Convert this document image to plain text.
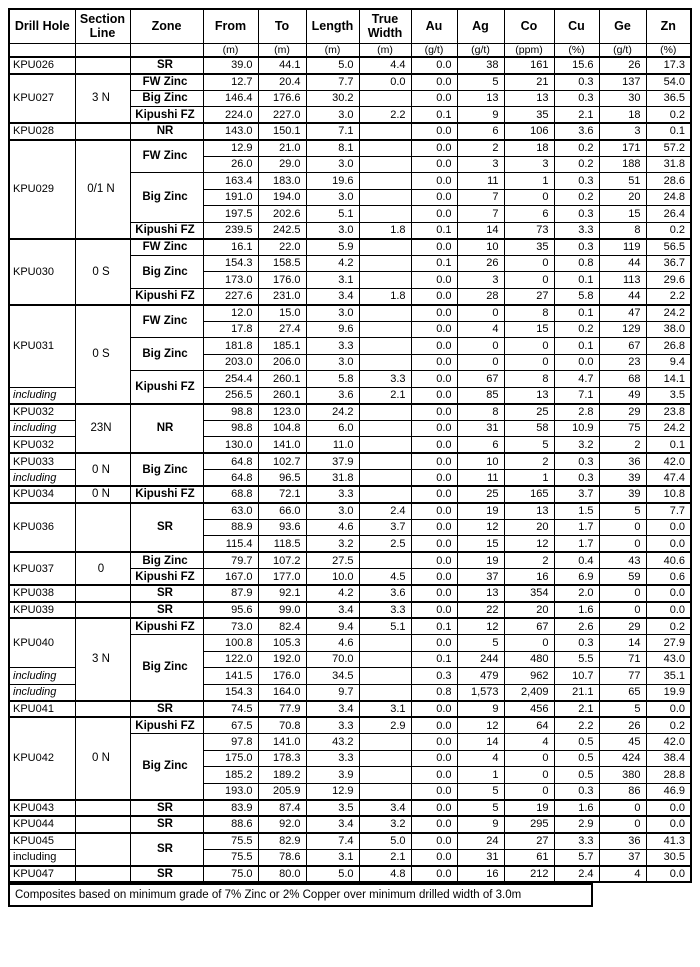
Drill Hole	Section Line	Zone	From	To	Length	True Width	Au	Ag	Co	Cu	Ge	Zn
			(m)	(m)	(m)	(m)	(g/t)	(g/t)	(ppm)	(%)	(g/t)	(%)
KPU026		SR	39.0	44.1	5.0	4.4	0.0	38	161	15.6	26	17.3
KPU027	3 N	FW Zinc	12.7	20.4	7.7	0.0	0.0	5	21	0.3	137	54.0
		Big Zinc	146.4	176.6	30.2		0.0	13	13	0.3	30	36.5
		Kipushi FZ	224.0	227.0	3.0	2.2	0.1	9	35	2.1	18	0.2
KPU028		NR	143.0	150.1	7.1		0.0	6	106	3.6	3	0.1
KPU029	0/1 N	FW Zinc	12.9	21.0	8.1		0.0	2	18	0.2	171	57.2
			26.0	29.0	3.0		0.0	3	3	0.2	188	31.8
		Big Zinc	163.4	183.0	19.6		0.0	11	1	0.3	51	28.6
			191.0	194.0	3.0		0.0	7	0	0.2	20	24.8
			197.5	202.6	5.1		0.0	7	6	0.3	15	26.4
		Kipushi FZ	239.5	242.5	3.0	1.8	0.1	14	73	3.3	8	0.2
KPU030	0 S	FW Zinc	16.1	22.0	5.9		0.0	10	35	0.3	119	56.5
		Big Zinc	154.3	158.5	4.2		0.1	26	0	0.8	44	36.7
			173.0	176.0	3.1		0.0	3	0	0.1	113	29.6
		Kipushi FZ	227.6	231.0	3.4	1.8	0.0	28	27	5.8	44	2.2
KPU031	0 S	FW Zinc	12.0	15.0	3.0		0.0	0	8	0.1	47	24.2
			17.8	27.4	9.6		0.0	4	15	0.2	129	38.0
		Big Zinc	181.8	185.1	3.3		0.0	0	0	0.1	67	26.8
			203.0	206.0	3.0		0.0	0	0	0.0	23	9.4
		Kipushi FZ	254.4	260.1	5.8	3.3	0.0	67	8	4.7	68	14.1
including			256.5	260.1	3.6	2.1	0.0	85	13	7.1	49	3.5
KPU032	23N	NR	98.8	123.0	24.2		0.0	8	25	2.8	29	23.8
including			98.8	104.8	6.0		0.0	31	58	10.9	75	24.2
KPU032			130.0	141.0	11.0		0.0	6	5	3.2	2	0.1
KPU033	0 N	Big Zinc	64.8	102.7	37.9		0.0	10	2	0.3	36	42.0
including			64.8	96.5	31.8		0.0	11	1	0.3	39	47.4
KPU034	0 N	Kipushi FZ	68.8	72.1	3.3		0.0	25	165	3.7	39	10.8
KPU036		SR	63.0	66.0	3.0	2.4	0.0	19	13	1.5	5	7.7
			88.9	93.6	4.6	3.7	0.0	12	20	1.7	0	0.0
			115.4	118.5	3.2	2.5	0.0	15	12	1.7	0	0.0
KPU037	0	Big Zinc	79.7	107.2	27.5		0.0	19	2	0.4	43	40.6
		Kipushi FZ	167.0	177.0	10.0	4.5	0.0	37	16	6.9	59	0.6
KPU038		SR	87.9	92.1	4.2	3.6	0.0	13	354	2.0	0	0.0
KPU039		SR	95.6	99.0	3.4	3.3	0.0	22	20	1.6	0	0.0
KPU040	3 N	Kipushi FZ	73.0	82.4	9.4	5.1	0.1	12	67	2.6	29	0.2
		Big Zinc	100.8	105.3	4.6		0.0	5	0	0.3	14	27.9
			122.0	192.0	70.0		0.1	244	480	5.5	71	43.0
including			141.5	176.0	34.5		0.3	479	962	10.7	77	35.1
including			154.3	164.0	9.7		0.8	1,573	2,409	21.1	65	19.9
KPU041		SR	74.5	77.9	3.4	3.1	0.0	9	456	2.1	5	0.0
KPU042	0 N	Kipushi FZ	67.5	70.8	3.3	2.9	0.0	12	64	2.2	26	0.2
		Big Zinc	97.8	141.0	43.2		0.0	14	4	0.5	45	42.0
			175.0	178.3	3.3		0.0	4	0	0.5	424	38.4
			185.2	189.2	3.9		0.0	1	0	0.5	380	28.8
			193.0	205.9	12.9		0.0	5	0	0.3	86	46.9
KPU043		SR	83.9	87.4	3.5	3.4	0.0	5	19	1.6	0	0.0
KPU044		SR	88.6	92.0	3.4	3.2	0.0	9	295	2.9	0	0.0
KPU045		SR	75.5	82.9	7.4	5.0	0.0	24	27	3.3	36	41.3
including			75.5	78.6	3.1	2.1	0.0	31	61	5.7	37	30.5
KPU047		SR	75.0	80.0	5.0	4.8	0.0	16	212	2.4	4	0.0
Composites based on minimum grade of 7% Zinc or 2% Copper over minimum drilled width of 3.0m
